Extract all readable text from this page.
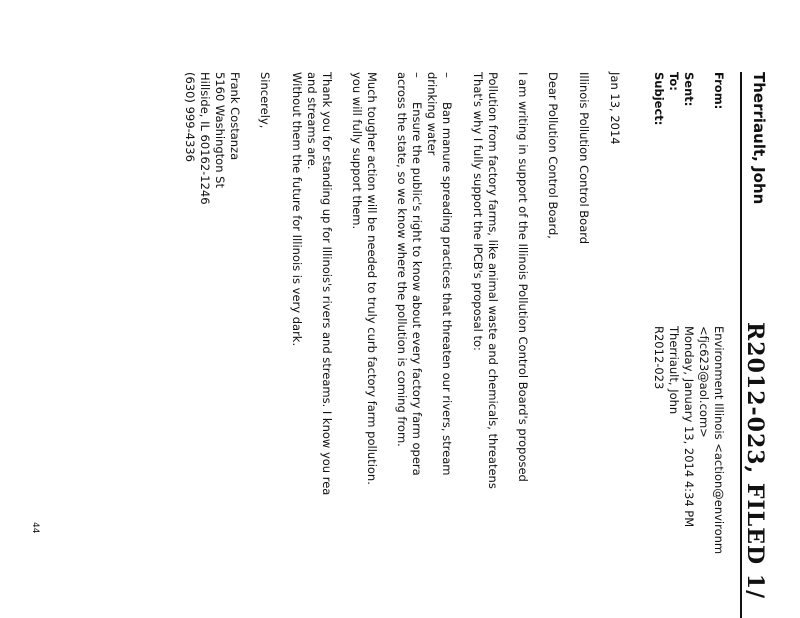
R2012-023, FILED 1/
Therriault, John
From:
Environment Illinois <action@environm
<fjc623@aol.com>
Sent:
Monday, January 13, 2014 4:34 PM
To:
Therriault, John
Subject:
R2012-023
Jan 13, 2014
Illinois Pollution Control Board
Dear Pollution Control Board,
I am writing in support of the Illinois Pollution Control Board's proposed
Pollution from factory farms, like animal waste and chemicals, threatens
That's why I fully support the IPCB's proposal to:
–
Ban manure spreading practices that threaten our rivers, stream
drinking water
–
Ensure the public's right to know about every factory farm opera
across the state, so we know where the pollution is coming from.
Much tougher action will be needed to truly curb factory farm pollution.
you will fully support them.
Thank you for standing up for Illinois's rivers and streams. I know you rea
and streams are.
Without them the future for Illinois is very dark.
Sincerely,
Frank Costanza
5160 Washington St
Hillside, IL 60162-1246
(630) 999-4336
44
